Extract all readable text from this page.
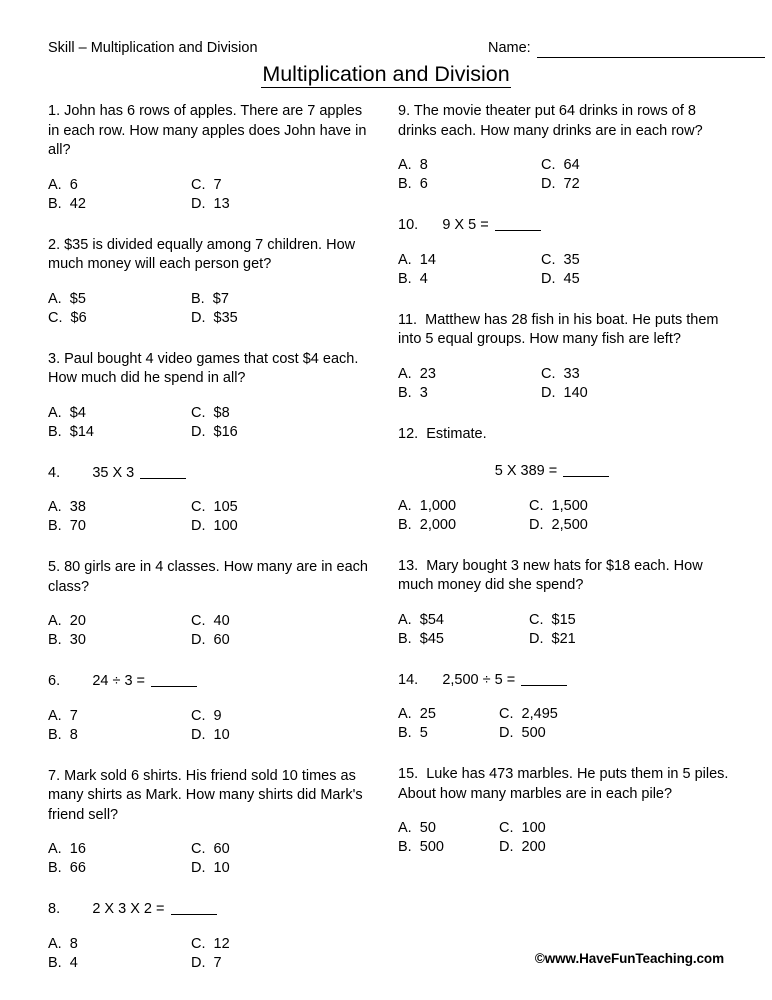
Skill – Multiplication and Division	Name:
Multiplication and Division
1. John has 6 rows of apples. There are 7 apples in each row. How many apples does John have in all?
A.  6	C.  7
B.  42	D.  13
2. $35 is divided equally among 7 children. How much money will each person get?
A.  $5	B.  $7
C.  $6	D.  $35
3. Paul bought 4 video games that cost $4 each. How much did he spend in all?
A.  $4	C.  $8
B.  $14	D.  $16
4.        35 X 3
A.  38	C.  105
B.  70	D.  100
5. 80 girls are in 4 classes. How many are in each class?
A.  20	C.  40
B.  30	D.  60
6.        24 ÷ 3 =
A.  7	C.  9
B.  8	D.  10
7. Mark sold 6 shirts. His friend sold 10 times as many shirts as Mark. How many shirts did Mark's friend sell?
A.  16	C.  60
B.  66	D.  10
8.        2 X 3 X 2 =
A.  8	C.  12
B.  4	D.  7
9. The movie theater put 64 drinks in rows of 8 drinks each. How many drinks are in each row?
A.  8	C.  64
B.  6	D.  72
10.      9 X 5 =
A.  14	C.  35
B.  4	D.  45
11.  Matthew has 28 fish in his boat. He puts them into 5 equal groups. How many fish are left?
A.  23	C.  33
B.  3	D.  140
12.  Estimate.
5 X 389 =
A.  1,000	C.  1,500
B.  2,000	D.  2,500
13.  Mary bought 3 new hats for $18 each. How much money did she spend?
A.  $54	C.  $15
B.  $45	D.  $21
14.      2,500 ÷ 5 =
A.  25	C.  2,495
B.  5	D.  500
15.  Luke has 473 marbles. He puts them in 5 piles. About how many marbles are in each pile?
A.  50	C.  100
B.  500	D.  200
©www.HaveFunTeaching.com
